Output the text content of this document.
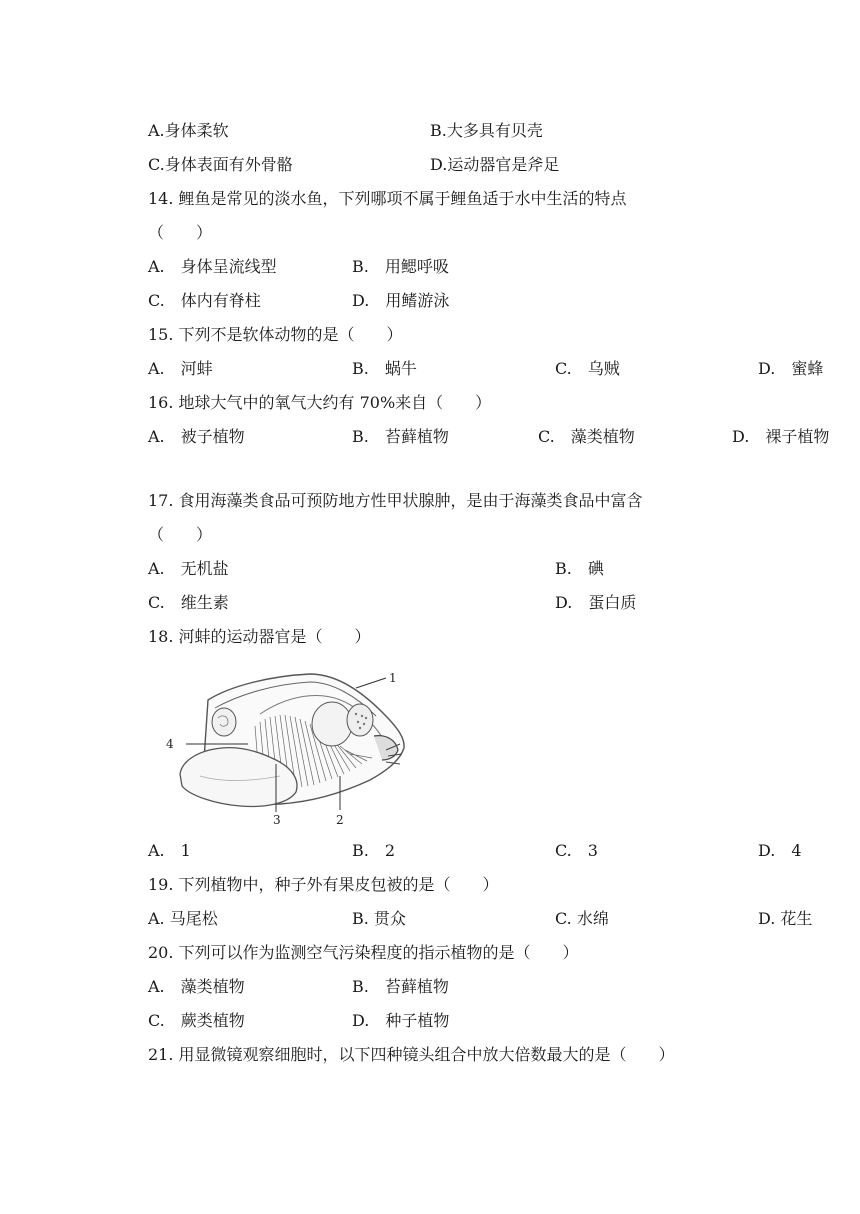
A.身体柔软	B.大多具有贝壳
C.身体表面有外骨骼	D.运动器官是斧足
14. 鲤鱼是常见的淡水鱼，下列哪项不属于鲤鱼适于水中生活的特点
（　　）
A.　身体呈流线型	B.　用鳃呼吸
C.　体内有脊柱	D.　用鳍游泳
15. 下列不是软体动物的是（　　）
A.　河蚌	B.　蜗牛	C.　乌贼	D.　蜜蜂
16. 地球大气中的氧气大约有 70%来自（　　）
A.　被子植物	B.　苔藓植物	C.　藻类植物	D.　裸子植物
17. 食用海藻类食品可预防地方性甲状腺肿，是由于海藻类食品中富含
（　　）
A.　无机盐	B.　碘
C.　维生素	D.　蛋白质
18. 河蚌的运动器官是（　　）
1
2
3
4
A.　1	B.　2	C.　3	D.　4
19. 下列植物中，种子外有果皮包被的是（　　）
A. 马尾松	B. 贯众	C. 水绵	D. 花生
20. 下列可以作为监测空气污染程度的指示植物的是（　　）
A.　藻类植物	B.　苔藓植物
C.　蕨类植物	D.　种子植物
21. 用显微镜观察细胞时，以下四种镜头组合中放大倍数最大的是（　　）
